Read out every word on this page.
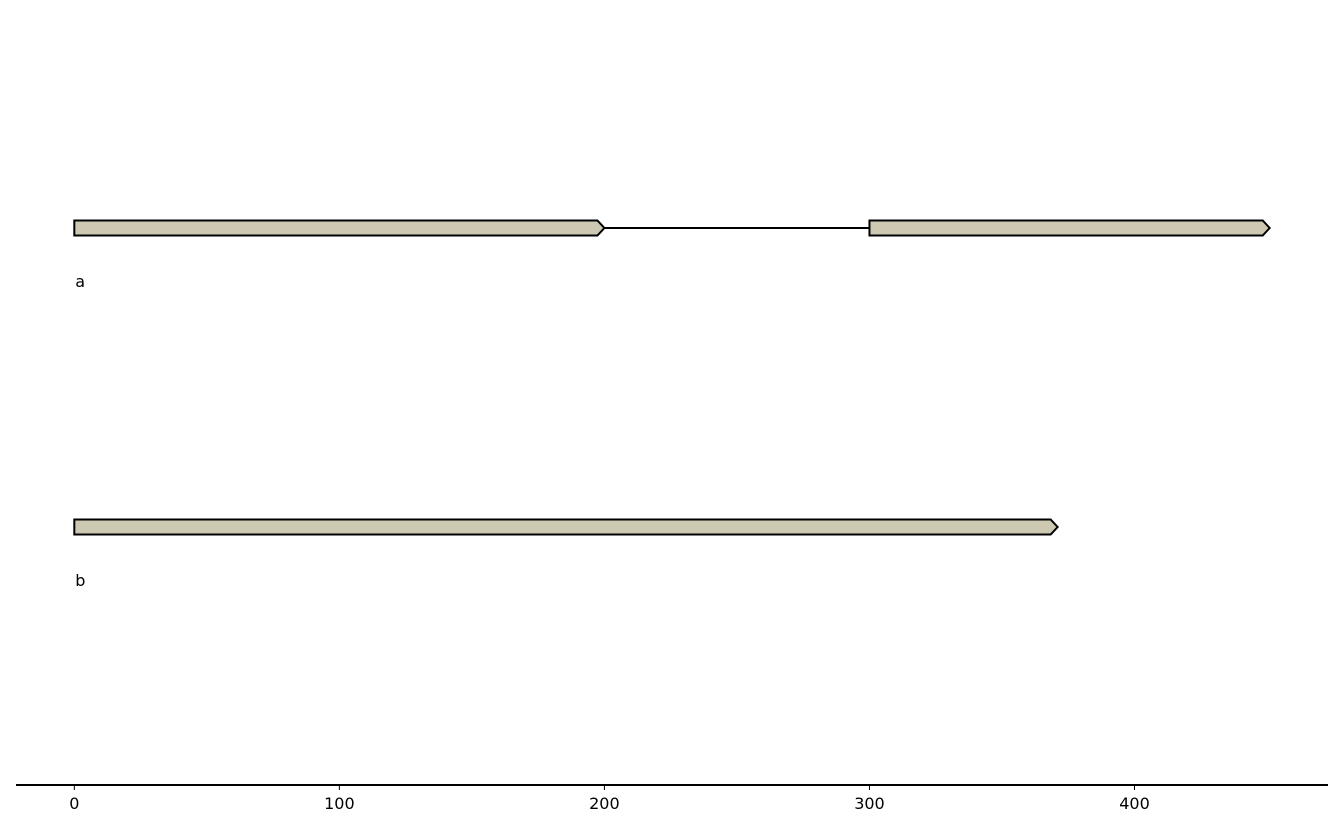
a
b
0	100	200	300	400
